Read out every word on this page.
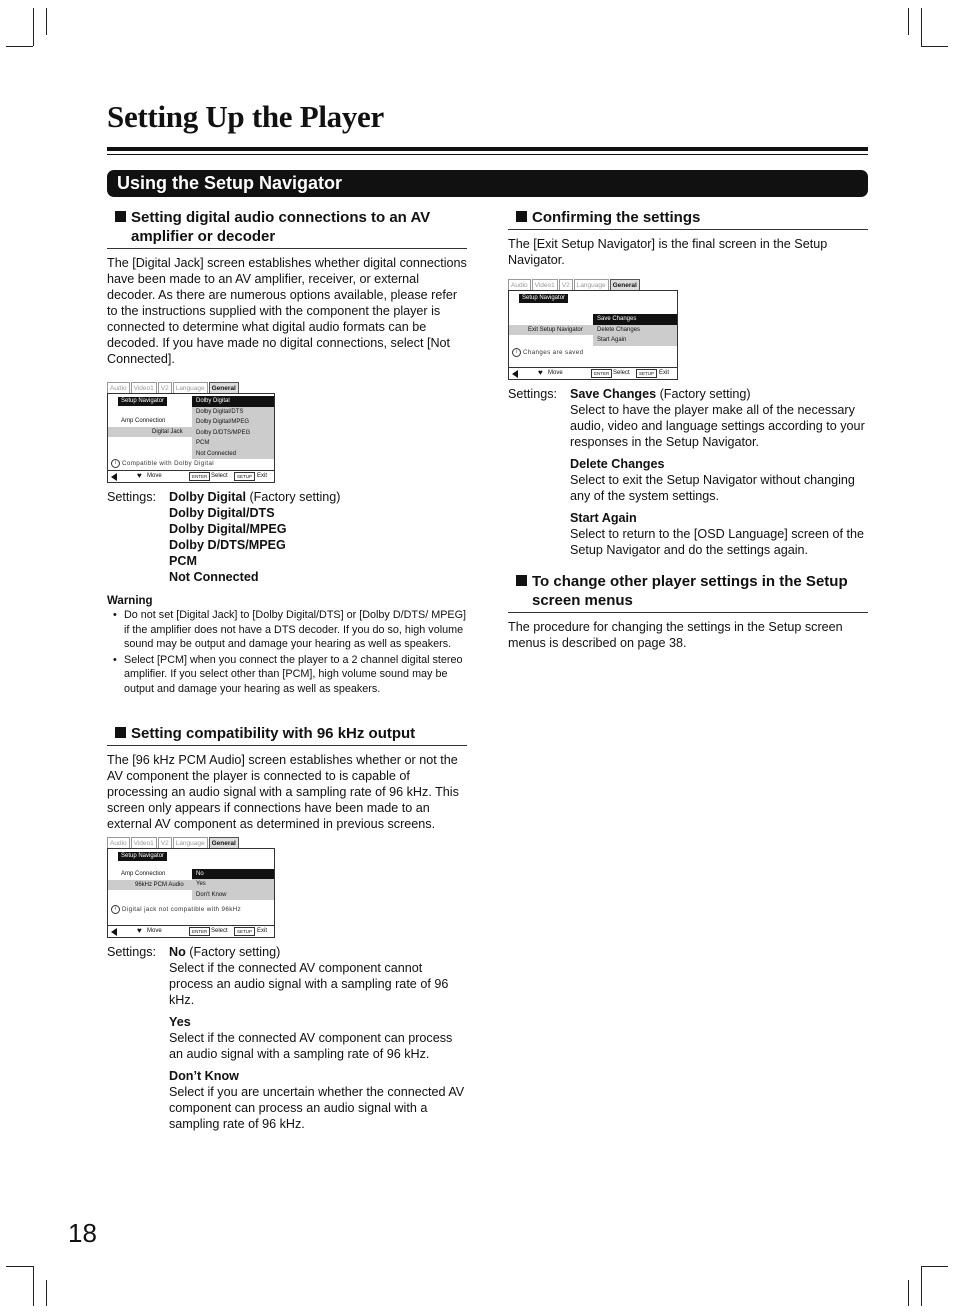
Setting Up the Player
Using the Setup Navigator
Setting digital audio connections to an AV amplifier or decoder
The [Digital Jack] screen establishes whether digital connections have been made to an AV amplifier, receiver, or external decoder. As there are numerous options available, please refer to the instructions supplied with the component the player is connected to determine what digital audio formats can be decoded. If you have made no digital connections, select [Not Connected].
Audio	Video1	V2	Language	General
Setup Navigator
Amp Connection
Digital Jack
Dolby Digital
Dolby Digital/DTS
Dolby Digital/MPEG
Dolby D/DTS/MPEG
PCM
Not Connected
i Compatible with Dolby Digital
♥ Move	ENTER Select	SETUP Exit
Settings: Dolby Digital (Factory setting)
Dolby Digital/DTS
Dolby Digital/MPEG
Dolby D/DTS/MPEG
PCM
Not Connected
Warning
• Do not set [Digital Jack] to [Dolby Digital/DTS] or [Dolby D/DTS/ MPEG] if the amplifier does not have a DTS decoder. If you do so, high volume sound may be output and damage your hearing as well as speakers.
• Select [PCM] when you connect the player to a 2 channel digital stereo amplifier. If you select other than [PCM], high volume sound may be output and damage your hearing as well as speakers.
Setting compatibility with 96 kHz output
The [96 kHz PCM Audio] screen establishes whether or not the AV component the player is connected to is capable of processing an audio signal with a sampling rate of 96 kHz. This screen only appears if connections have been made to an external AV component as determined in previous screens.
Audio	Video1	V2	Language	General
Setup Navigator
Amp Connection
96kHz PCM Audio
No
Yes
Don't Know
i Digital jack not compatible with 96kHz
♥ Move	ENTER Select	SETUP Exit
Settings: No (Factory setting)
Select if the connected AV component cannot process an audio signal with a sampling rate of 96 kHz.
Yes
Select if the connected AV component can process an audio signal with a sampling rate of 96 kHz.
Don’t Know
Select if you are uncertain whether the connected AV component can process an audio signal with a sampling rate of 96 kHz.
Confirming the settings
The [Exit Setup Navigator] is the final screen in the Setup Navigator.
Audio	Video1	V2	Language	General
Setup Navigator
Exit Setup Navigator
Save Changes
Delete Changes
Start Again
i Changes are saved
♥ Move	ENTER Select	SETUP Exit
Settings: Save Changes (Factory setting)
Select to have the player make all of the necessary audio, video and language settings according to your responses in the Setup Navigator.
Delete Changes
Select to exit the Setup Navigator without changing any of the system settings.
Start Again
Select to return to the [OSD Language] screen of the Setup Navigator and do the settings again.
To change other player settings in the Setup screen menus
The procedure for changing the settings in the Setup screen menus is described on page 38.
18
